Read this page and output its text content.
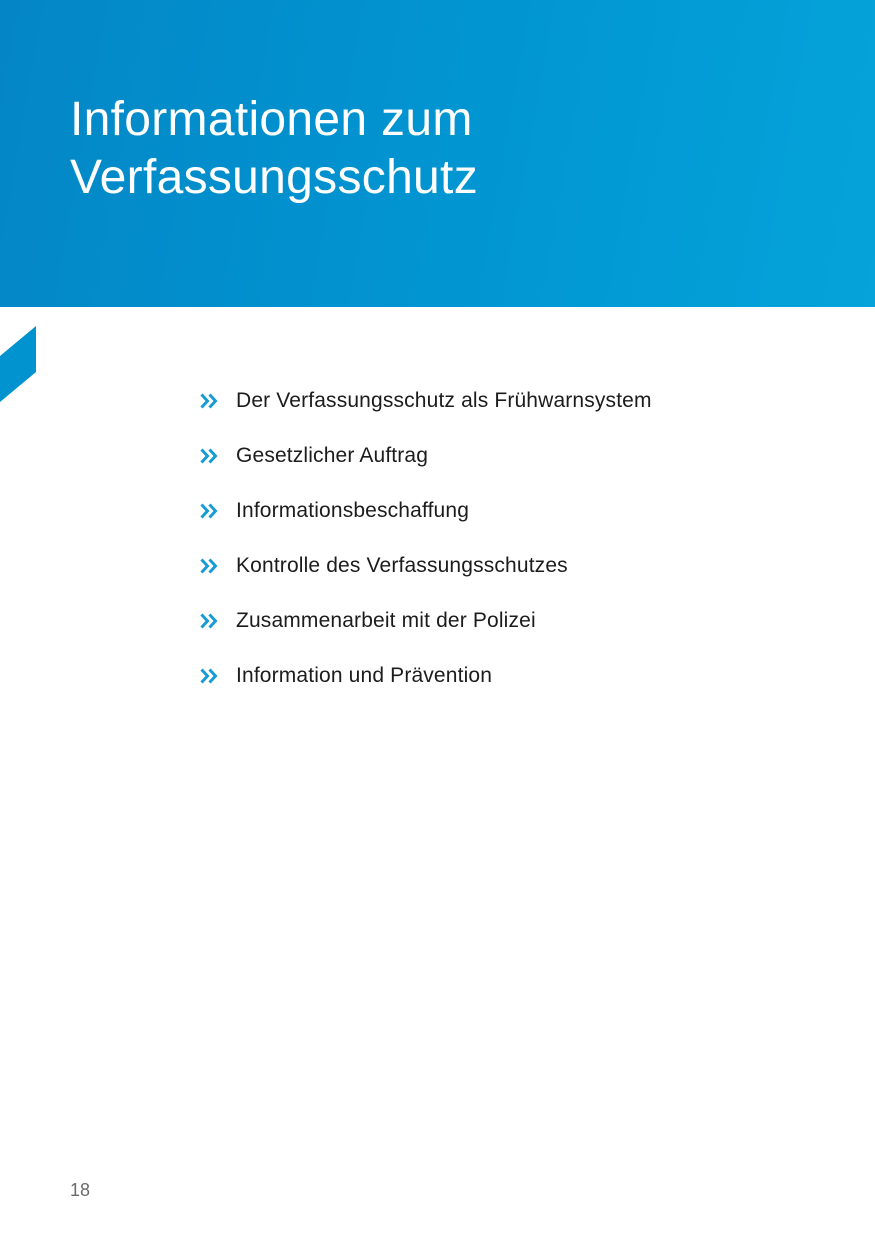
Informationen zum
Verfassungsschutz
Der Verfassungsschutz als Frühwarnsystem
Gesetzlicher Auftrag
Informationsbeschaffung
Kontrolle des Verfassungsschutzes
Zusammenarbeit mit der Polizei
Information und Prävention
18
